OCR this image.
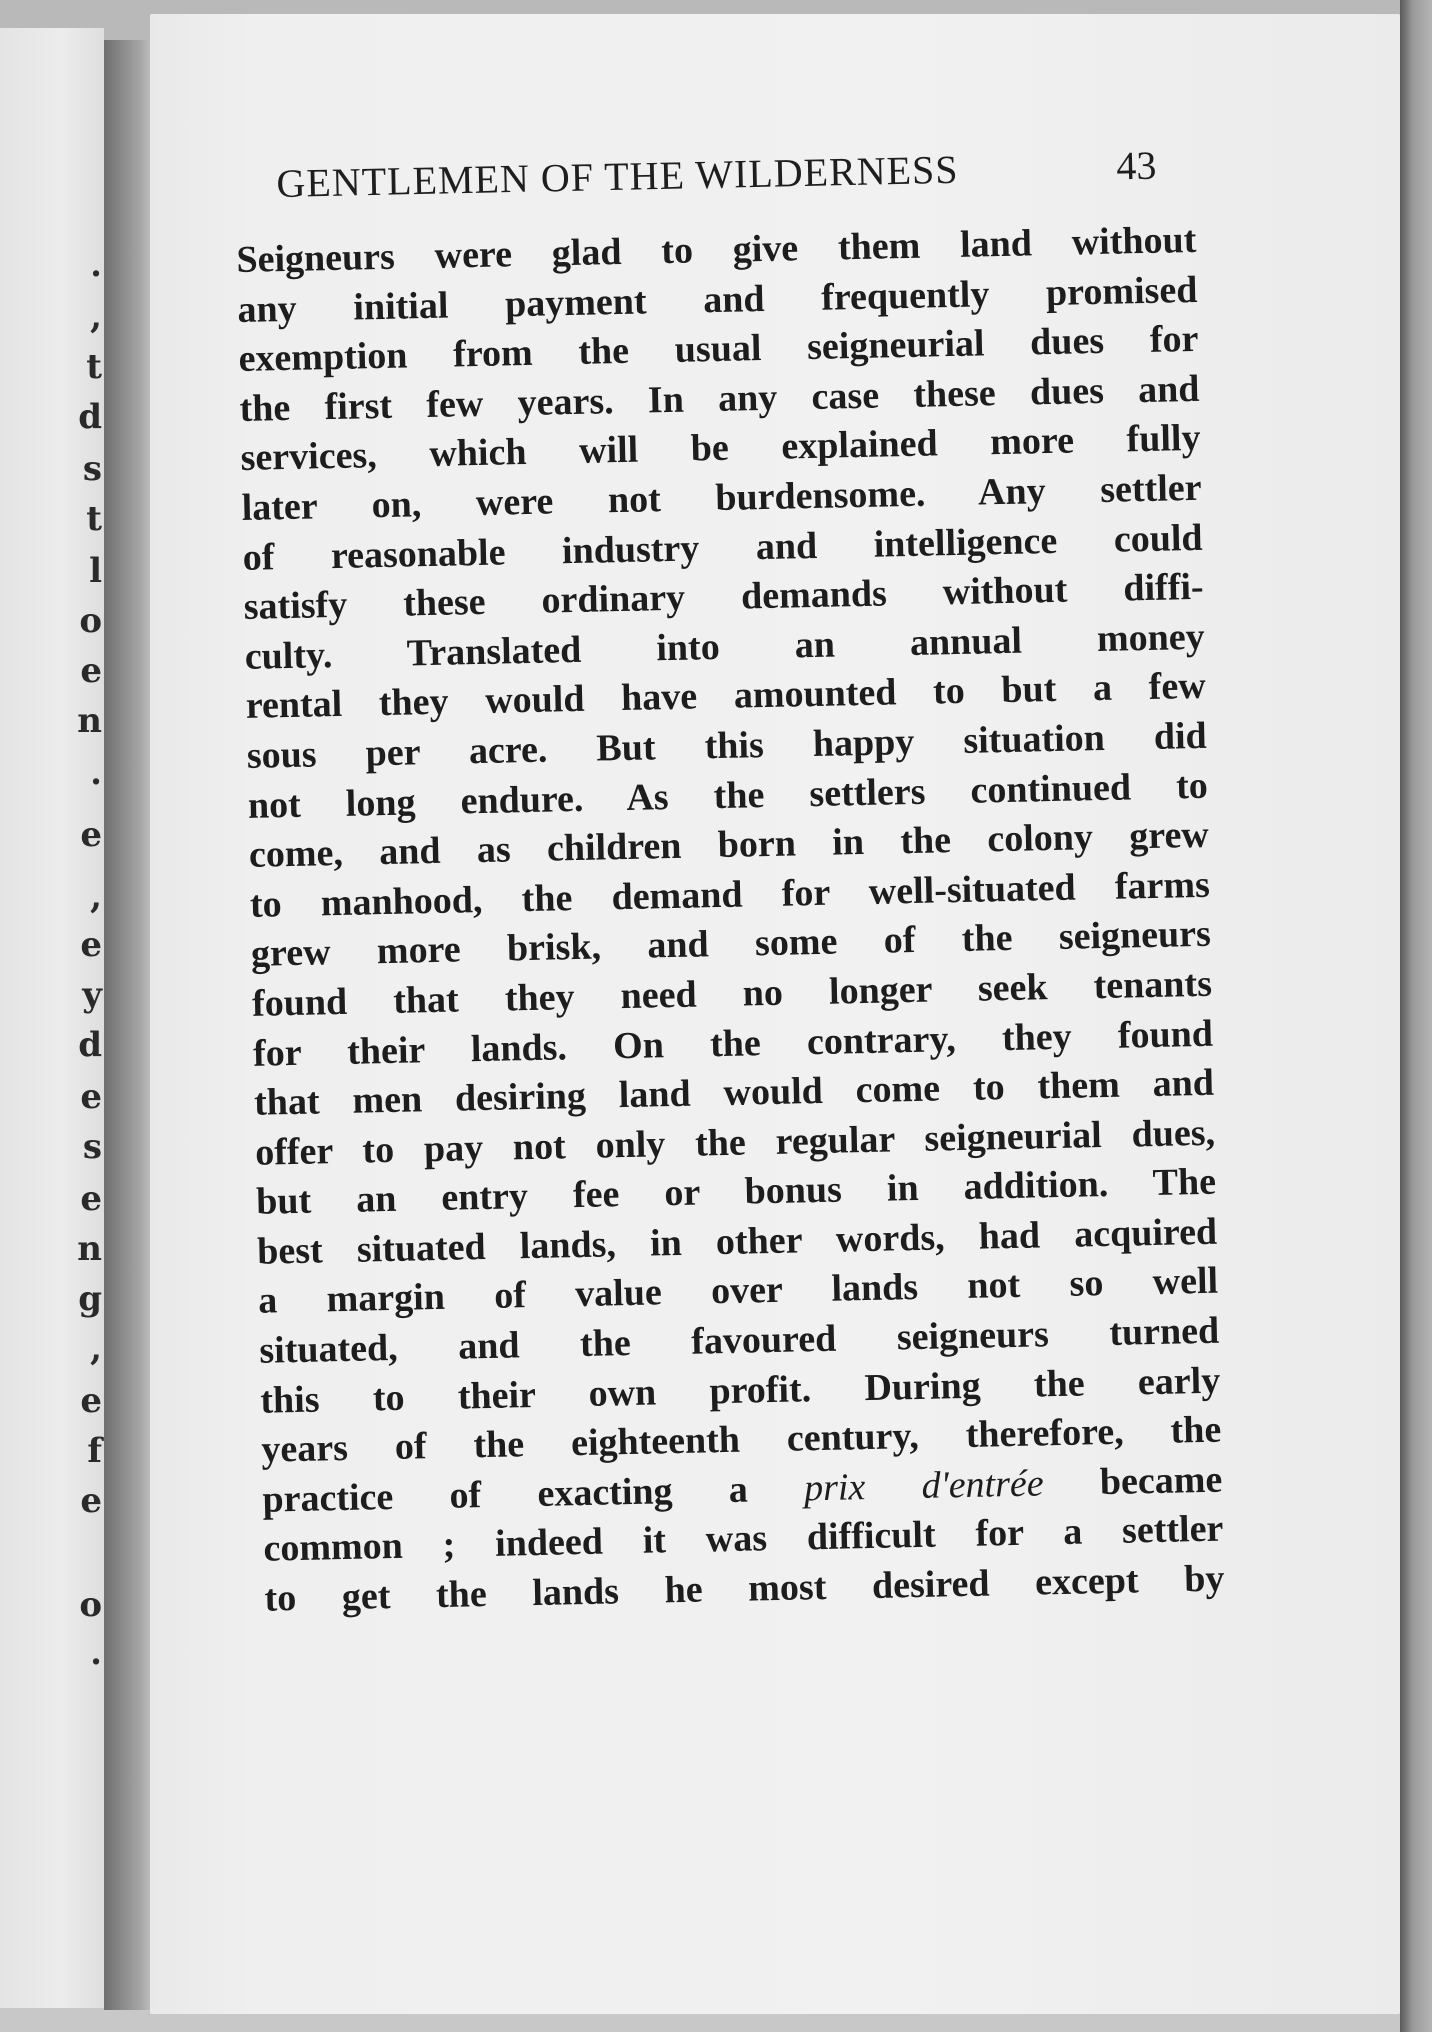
.
,
t
d
s
t
l
o
e
n
.
e
,
e
y
d
e
s
e
n
g
,
e
f
e
o
.
GENTLEMEN OF THE WILDERNESS	43
Seigneurs were glad to give them land without
any initial payment and frequently promised
exemption from the usual seigneurial dues for
the first few years. In any case these dues and
services, which will be explained more fully
later on, were not burdensome. Any settler
of reasonable industry and intelligence could
satisfy these ordinary demands without diffi-
culty. Translated into an annual money
rental they would have amounted to but a few
sous per acre. But this happy situation did
not long endure. As the settlers continued to
come, and as children born in the colony grew
to manhood, the demand for well-situated farms
grew more brisk, and some of the seigneurs
found that they need no longer seek tenants
for their lands. On the contrary, they found
that men desiring land would come to them and
offer to pay not only the regular seigneurial dues,
but an entry fee or bonus in addition. The
best situated lands, in other words, had acquired
a margin of value over lands not so well
situated, and the favoured seigneurs turned
this to their own profit. During the early
years of the eighteenth century, therefore, the
practice of exacting a prix d'entrée became
common ; indeed it was difficult for a settler
to get the lands he most desired except by
